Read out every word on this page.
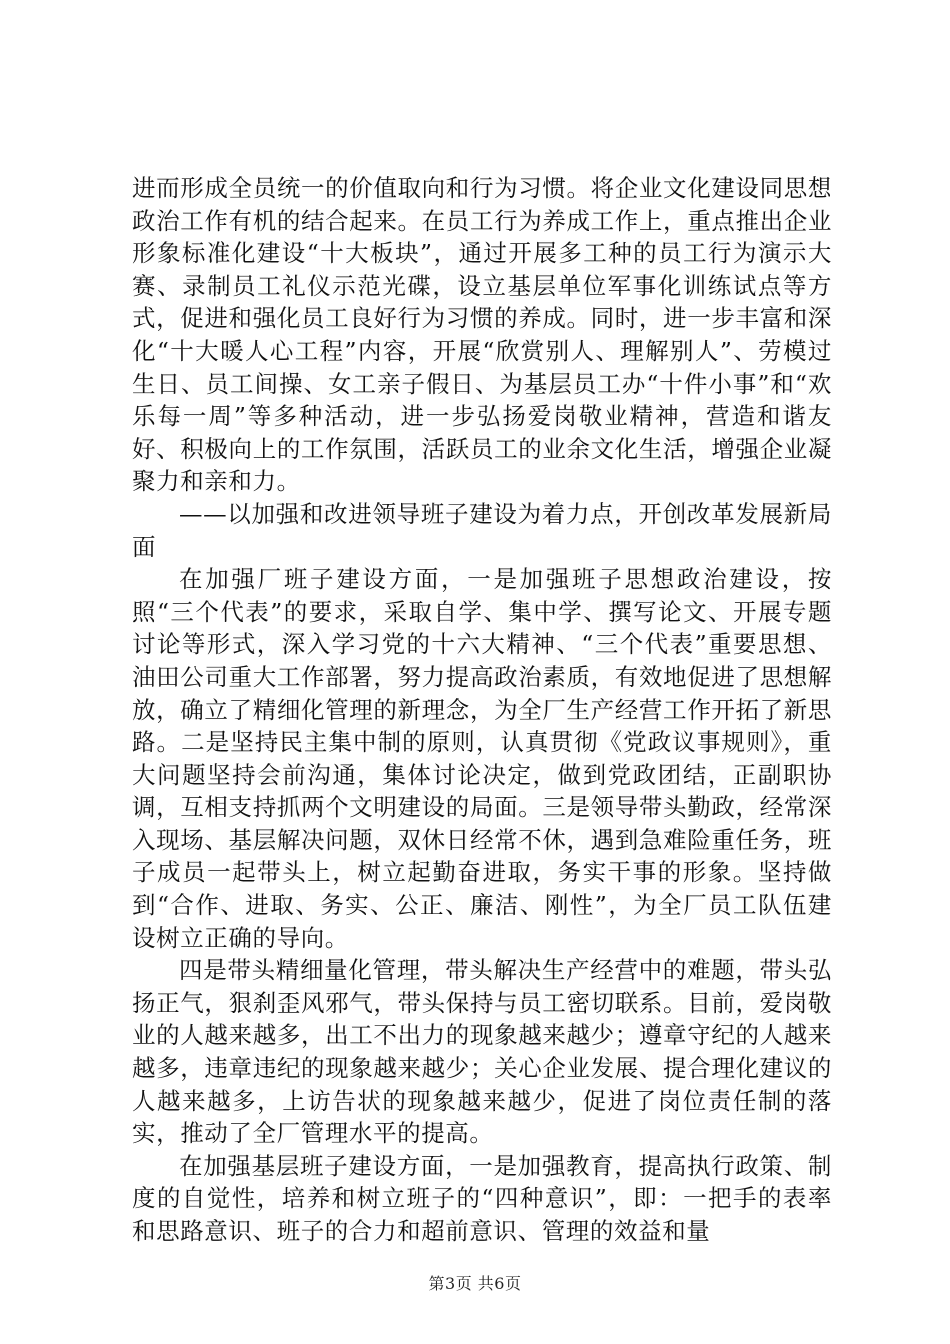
进而形成全员统一的价值取向和行为习惯。将企业文化建设同思想政治工作有机的结合起来。在员工行为养成工作上，重点推出企业形象标准化建设“十大板块”，通过开展多工种的员工行为演示大赛、录制员工礼仪示范光碟，设立基层单位军事化训练试点等方式，促进和强化员工良好行为习惯的养成。同时，进一步丰富和深化“十大暖人心工程”内容，开展“欣赏别人、理解别人”、劳模过生日、员工间操、女工亲子假日、为基层员工办“十件小事”和“欢乐每一周”等多种活动，进一步弘扬爱岗敬业精神，营造和谐友好、积极向上的工作氛围，活跃员工的业余文化生活，增强企业凝聚力和亲和力。

——以加强和改进领导班子建设为着力点，开创改革发展新局面

在加强厂班子建设方面，一是加强班子思想政治建设，按照“三个代表”的要求，采取自学、集中学、撰写论文、开展专题讨论等形式，深入学习党的十六大精神、“三个代表”重要思想、油田公司重大工作部署，努力提高政治素质，有效地促进了思想解放，确立了精细化管理的新理念，为全厂生产经营工作开拓了新思路。二是坚持民主集中制的原则，认真贯彻《党政议事规则》，重大问题坚持会前沟通，集体讨论决定，做到党政团结，正副职协调，互相支持抓两个文明建设的局面。三是领导带头勤政，经常深入现场、基层解决问题，双休日经常不休，遇到急难险重任务，班子成员一起带头上，树立起勤奋进取，务实干事的形象。坚持做到“合作、进取、务实、公正、廉洁、刚性”，为全厂员工队伍建设树立正确的导向。

四是带头精细量化管理，带头解决生产经营中的难题，带头弘扬正气，狠刹歪风邪气，带头保持与员工密切联系。目前，爱岗敬业的人越来越多，出工不出力的现象越来越少；遵章守纪的人越来越多，违章违纪的现象越来越少；关心企业发展、提合理化建议的人越来越多，上访告状的现象越来越少，促进了岗位责任制的落实，推动了全厂管理水平的提高。

在加强基层班子建设方面，一是加强教育，提高执行政策、制度的自觉性，培养和树立班子的“四种意识”，即：一把手的表率和思路意识、班子的合力和超前意识、管理的效益和量

第3页 共6页
